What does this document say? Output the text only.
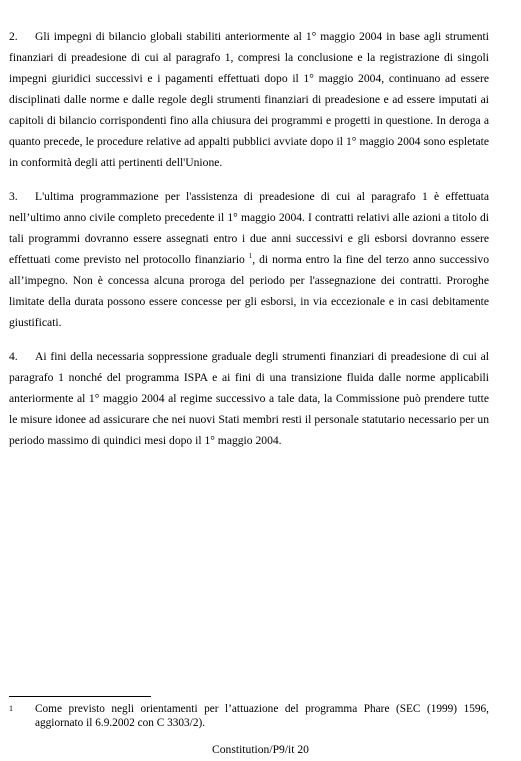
2. Gli impegni di bilancio globali stabiliti anteriormente al 1° maggio 2004 in base agli strumenti finanziari di preadesione di cui al paragrafo 1, compresi la conclusione e la registrazione di singoli impegni giuridici successivi e i pagamenti effettuati dopo il 1° maggio 2004, continuano ad essere disciplinati dalle norme e dalle regole degli strumenti finanziari di preadesione e ad essere imputati ai capitoli di bilancio corrispondenti fino alla chiusura dei programmi e progetti in questione. In deroga a quanto precede, le procedure relative ad appalti pubblici avviate dopo il 1° maggio 2004 sono espletate in conformità degli atti pertinenti dell'Unione.

3. L'ultima programmazione per l'assistenza di preadesione di cui al paragrafo 1 è effettuata nell’ultimo anno civile completo precedente il 1° maggio 2004. I contratti relativi alle azioni a titolo di tali programmi dovranno essere assegnati entro i due anni successivi e gli esborsi dovranno essere effettuati come previsto nel protocollo finanziario $^1$, di norma entro la fine del terzo anno successivo all’impegno. Non è concessa alcuna proroga del periodo per l'assegnazione dei contratti. Proroghe limitate della durata possono essere concesse per gli esborsi, in via eccezionale e in casi debitamente giustificati.

4. Ai fini della necessaria soppressione graduale degli strumenti finanziari di preadesione di cui al paragrafo 1 nonché del programma ISPA e ai fini di una transizione fluida dalle norme applicabili anteriormente al 1° maggio 2004 al regime successivo a tale data, la Commissione può prendere tutte le misure idonee ad assicurare che nei nuovi Stati membri resti il personale statutario necessario per un periodo massimo di quindici mesi dopo il 1° maggio 2004.

1 Come previsto negli orientamenti per l’attuazione del programma Phare (SEC (1999) 1596, aggiornato il 6.9.2002 con C 3303/2).
Constitution/P9/it 20
